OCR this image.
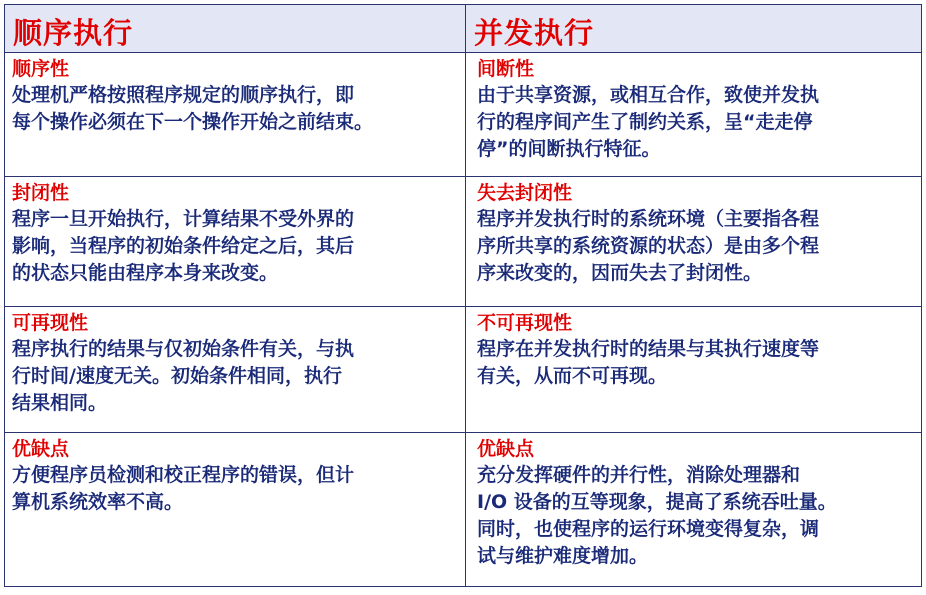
顺序执行	并发执行
顺序性
处理机严格按照程序规定的顺序执行，即
每个操作必须在下一个操作开始之前结束。
间断性
由于共享资源，或相互合作，致使并发执
行的程序间产生了制约关系，呈“走走停
停”的间断执行特征。
封闭性
程序一旦开始执行，计算结果不受外界的
影响，当程序的初始条件给定之后，其后
的状态只能由程序本身来改变。
失去封闭性
程序并发执行时的系统环境（主要指各程
序所共享的系统资源的状态）是由多个程
序来改变的，因而失去了封闭性。
可再现性
程序执行的结果与仅初始条件有关，与执
行时间/速度无关。初始条件相同，执行
结果相同。
不可再现性
程序在并发执行时的结果与其执行速度等
有关，从而不可再现。
优缺点
方便程序员检测和校正程序的错误，但计
算机系统效率不高。
优缺点
充分发挥硬件的并行性，消除处理器和
I/O 设备的互等现象，提高了系统吞吐量。
同时，也使程序的运行环境变得复杂，调
试与维护难度增加。
